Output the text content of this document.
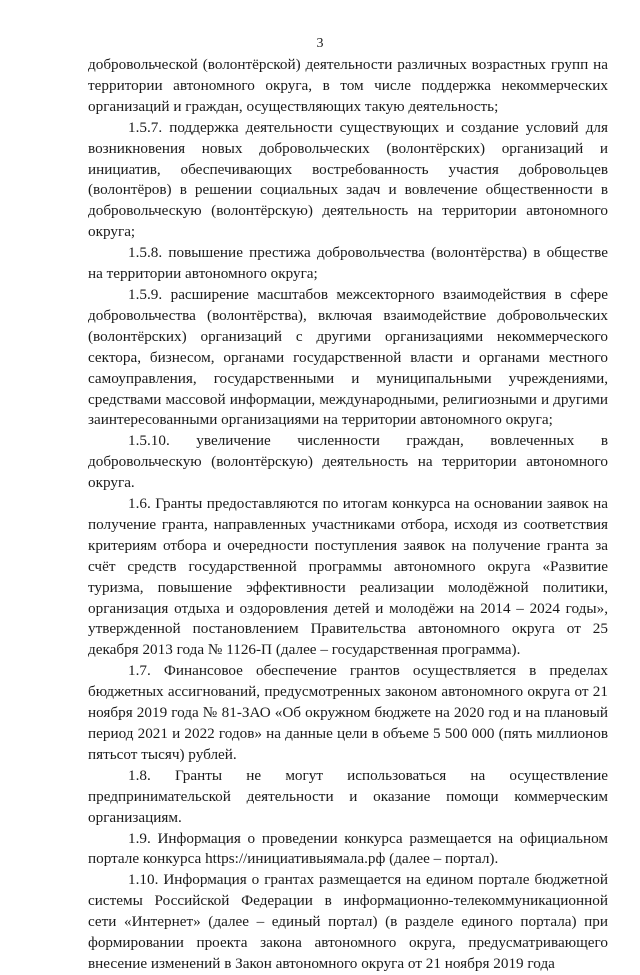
3

добровольческой (волонтёрской) деятельности различных возрастных групп на территории автономного округа, в том числе поддержка некоммерческих организаций и граждан, осуществляющих такую деятельность;

1.5.7. поддержка деятельности существующих и создание условий для возникновения новых добровольческих (волонтёрских) организаций и инициатив, обеспечивающих востребованность участия добровольцев (волонтёров) в решении социальных задач и вовлечение общественности в добровольческую (волонтёрскую) деятельность на территории автономного округа;

1.5.8. повышение престижа добровольчества (волонтёрства) в обществе на территории автономного округа;

1.5.9. расширение масштабов межсекторного взаимодействия в сфере добровольчества (волонтёрства), включая взаимодействие добровольческих (волонтёрских) организаций с другими организациями некоммерческого сектора, бизнесом, органами государственной власти и органами местного самоуправления, государственными и муниципальными учреждениями, средствами массовой информации, международными, религиозными и другими заинтересованными организациями на территории автономного округа;

1.5.10. увеличение численности граждан, вовлеченных в добровольческую (волонтёрскую) деятельность на территории автономного округа.

1.6. Гранты предоставляются по итогам конкурса на основании заявок на получение гранта, направленных участниками отбора, исходя из соответствия критериям отбора и очередности поступления заявок на получение гранта за счёт средств государственной программы автономного округа «Развитие туризма, повышение эффективности реализации молодёжной политики, организация отдыха и оздоровления детей и молодёжи на 2014 – 2024 годы», утвержденной постановлением Правительства автономного округа от 25 декабря 2013 года № 1126-П (далее – государственная программа).

1.7. Финансовое обеспечение грантов осуществляется в пределах бюджетных ассигнований, предусмотренных законом автономного округа от 21 ноября 2019 года № 81-ЗАО «Об окружном бюджете на 2020 год и на плановый период 2021 и 2022 годов» на данные цели в объеме 5 500 000 (пять миллионов пятьсот тысяч) рублей.

1.8. Гранты не могут использоваться на осуществление предпринимательской деятельности и оказание помощи коммерческим организациям.

1.9. Информация о проведении конкурса размещается на официальном портале конкурса https://инициативыямала.рф (далее – портал).

1.10. Информация о грантах размещается на едином портале бюджетной системы Российской Федерации в информационно-телекоммуникационной сети «Интернет» (далее – единый портал) (в разделе единого портала) при формировании проекта закона автономного округа, предусматривающего внесение изменений в Закон автономного округа от 21 ноября 2019 года
